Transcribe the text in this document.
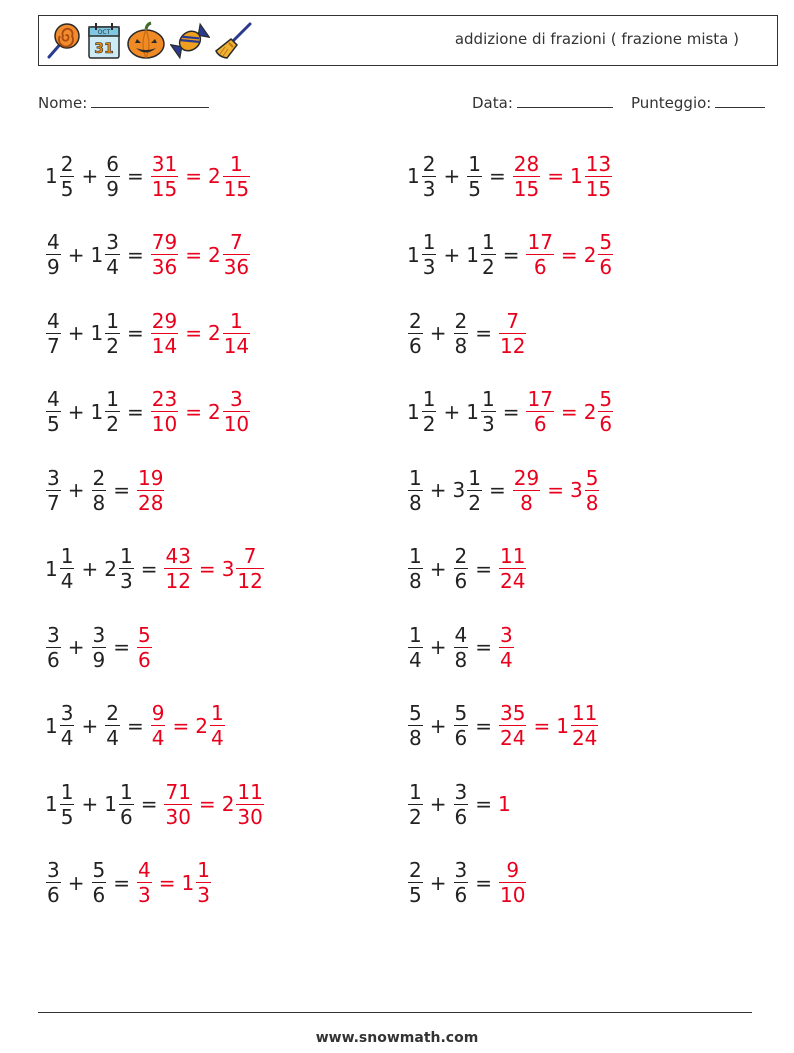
OCT
31
addizione di frazioni ( frazione mista )
Nome:	Data:	Punteggio:
$1 \frac{2}{5} + \frac{6}{9} = \frac{31}{15} = 2 \frac{1}{15}$
$\frac{4}{9} + 1 \frac{3}{4} = \frac{79}{36} = 2 \frac{7}{36}$
$\frac{4}{7} + 1 \frac{1}{2} = \frac{29}{14} = 2 \frac{1}{14}$
$\frac{4}{5} + 1 \frac{1}{2} = \frac{23}{10} = 2 \frac{3}{10}$
$\frac{3}{7} + \frac{2}{8} = \frac{19}{28}$
$1 \frac{1}{4} + 2 \frac{1}{3} = \frac{43}{12} = 3 \frac{7}{12}$
$\frac{3}{6} + \frac{3}{9} = \frac{5}{6}$
$1 \frac{3}{4} + \frac{2}{4} = \frac{9}{4} = 2 \frac{1}{4}$
$1 \frac{1}{5} + 1 \frac{1}{6} = \frac{71}{30} = 2 \frac{11}{30}$
$\frac{3}{6} + \frac{5}{6} = \frac{4}{3} = 1 \frac{1}{3}$
$1 \frac{2}{3} + \frac{1}{5} = \frac{28}{15} = 1 \frac{13}{15}$
$1 \frac{1}{3} + 1 \frac{1}{2} = \frac{17}{6} = 2 \frac{5}{6}$
$\frac{2}{6} + \frac{2}{8} = \frac{7}{12}$
$1 \frac{1}{2} + 1 \frac{1}{3} = \frac{17}{6} = 2 \frac{5}{6}$
$\frac{1}{8} + 3 \frac{1}{2} = \frac{29}{8} = 3 \frac{5}{8}$
$\frac{1}{8} + \frac{2}{6} = \frac{11}{24}$
$\frac{1}{4} + \frac{4}{8} = \frac{3}{4}$
$\frac{5}{8} + \frac{5}{6} = \frac{35}{24} = 1 \frac{11}{24}$
$\frac{1}{2} + \frac{3}{6} = 1$
$\frac{2}{5} + \frac{3}{6} = \frac{9}{10}$
www.snowmath.com
